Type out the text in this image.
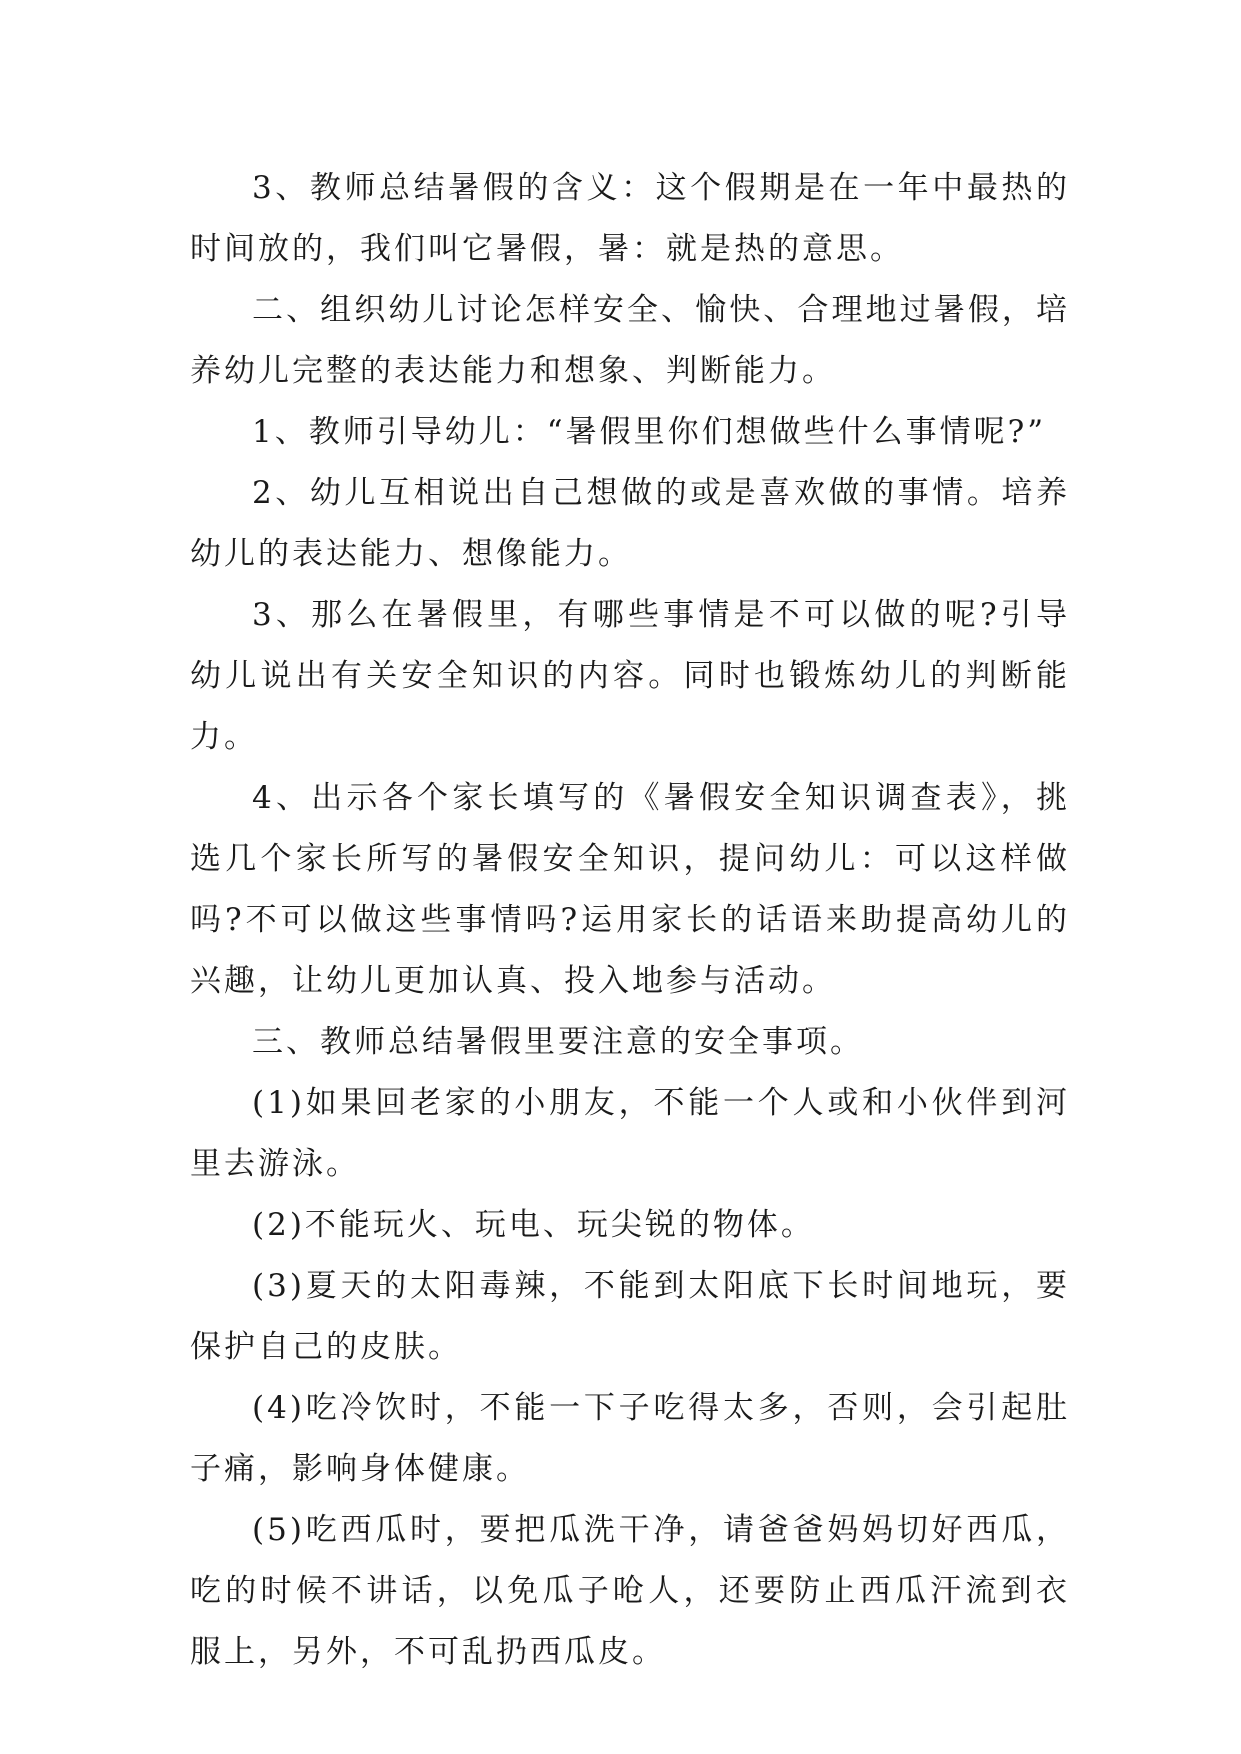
3、教师总结暑假的含义：这个假期是在一年中最热的时间放的，我们叫它暑假，暑：就是热的意思。

二、组织幼儿讨论怎样安全、愉快、合理地过暑假，培养幼儿完整的表达能力和想象、判断能力。

1、教师引导幼儿：“暑假里你们想做些什么事情呢?”

2、幼儿互相说出自己想做的或是喜欢做的事情。培养幼儿的表达能力、想像能力。

3、那么在暑假里，有哪些事情是不可以做的呢?引导幼儿说出有关安全知识的内容。同时也锻炼幼儿的判断能力。

4、出示各个家长填写的《暑假安全知识调查表》，挑选几个家长所写的暑假安全知识，提问幼儿：可以这样做吗?不可以做这些事情吗?运用家长的话语来助提高幼儿的兴趣，让幼儿更加认真、投入地参与活动。

三、教师总结暑假里要注意的安全事项。

(1)如果回老家的小朋友，不能一个人或和小伙伴到河里去游泳。

(2)不能玩火、玩电、玩尖锐的物体。

(3)夏天的太阳毒辣，不能到太阳底下长时间地玩，要保护自己的皮肤。

(4)吃冷饮时，不能一下子吃得太多，否则，会引起肚子痛，影响身体健康。

(5)吃西瓜时，要把瓜洗干净，请爸爸妈妈切好西瓜，吃的时候不讲话，以免瓜子呛人，还要防止西瓜汗流到衣服上，另外，不可乱扔西瓜皮。
